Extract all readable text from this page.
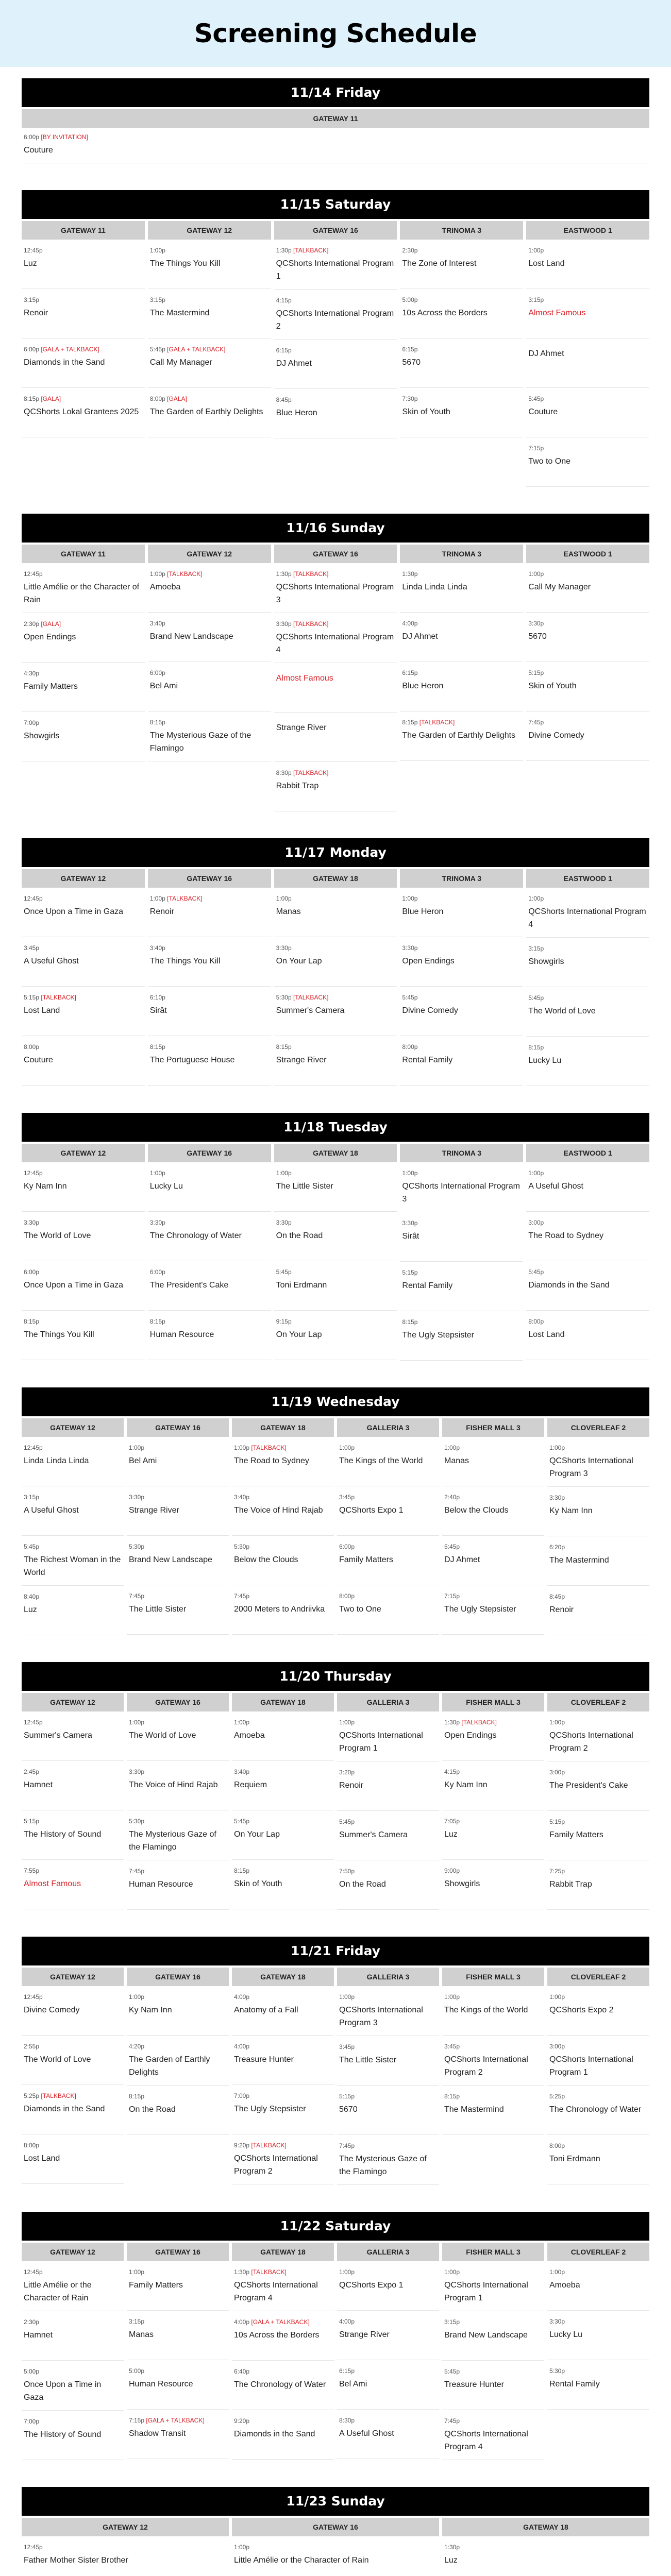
Screening Schedule
11/14 Friday
GATEWAY 11
6:00p [BY INVITATION]
Couture
11/15 Saturday
GATEWAY 11
12:45p
Luz
3:15p
Renoir
6:00p [GALA + TALKBACK]
Diamonds in the Sand
8:15p [GALA]
QCShorts Lokal Grantees 2025
GATEWAY 12
1:00p
The Things You Kill
3:15p
The Mastermind
5:45p [GALA + TALKBACK]
Call My Manager
8:00p [GALA]
The Garden of Earthly Delights
GATEWAY 16
1:30p [TALKBACK]
QCShorts International Program 1
4:15p
QCShorts International Program 2
6:15p
DJ Ahmet
8:45p
Blue Heron
TRINOMA 3
2:30p
The Zone of Interest
5:00p
10s Across the Borders
6:15p
5670
7:30p
Skin of Youth
EASTWOOD 1
1:00p
Lost Land
3:15p
Almost Famous
DJ Ahmet
5:45p
Couture
7:15p
Two to One
11/16 Sunday
GATEWAY 11
12:45p
Little Amélie or the Character of Rain
2:30p [GALA]
Open Endings
4:30p
Family Matters
7:00p
Showgirls
GATEWAY 12
1:00p [TALKBACK]
Amoeba
3:40p
Brand New Landscape
6:00p
Bel Ami
8:15p
The Mysterious Gaze of the Flamingo
GATEWAY 16
1:30p [TALKBACK]
QCShorts International Program 3
3:30p [TALKBACK]
QCShorts International Program 4
Almost Famous
Strange River
8:30p [TALKBACK]
Rabbit Trap
TRINOMA 3
1:30p
Linda Linda Linda
4:00p
DJ Ahmet
6:15p
Blue Heron
8:15p [TALKBACK]
The Garden of Earthly Delights
EASTWOOD 1
1:00p
Call My Manager
3:30p
5670
5:15p
Skin of Youth
7:45p
Divine Comedy
11/17 Monday
GATEWAY 12
12:45p
Once Upon a Time in Gaza
3:45p
A Useful Ghost
5:15p [TALKBACK]
Lost Land
8:00p
Couture
GATEWAY 16
1:00p [TALKBACK]
Renoir
3:40p
The Things You Kill
6:10p
Sirât
8:15p
The Portuguese House
GATEWAY 18
1:00p
Manas
3:30p
On Your Lap
5:30p [TALKBACK]
Summer's Camera
8:15p
Strange River
TRINOMA 3
1:00p
Blue Heron
3:30p
Open Endings
5:45p
Divine Comedy
8:00p
Rental Family
EASTWOOD 1
1:00p
QCShorts International Program 4
3:15p
Showgirls
5:45p
The World of Love
8:15p
Lucky Lu
11/18 Tuesday
GATEWAY 12
12:45p
Ky Nam Inn
3:30p
The World of Love
6:00p
Once Upon a Time in Gaza
8:15p
The Things You Kill
GATEWAY 16
1:00p
Lucky Lu
3:30p
The Chronology of Water
6:00p
The President's Cake
8:15p
Human Resource
GATEWAY 18
1:00p
The Little Sister
3:30p
On the Road
5:45p
Toni Erdmann
9:15p
On Your Lap
TRINOMA 3
1:00p
QCShorts International Program 3
3:30p
Sirât
5:15p
Rental Family
8:15p
The Ugly Stepsister
EASTWOOD 1
1:00p
A Useful Ghost
3:00p
The Road to Sydney
5:45p
Diamonds in the Sand
8:00p
Lost Land
11/19 Wednesday
GATEWAY 12
12:45p
Linda Linda Linda
3:15p
A Useful Ghost
5:45p
The Richest Woman in the World
8:40p
Luz
GATEWAY 16
1:00p
Bel Ami
3:30p
Strange River
5:30p
Brand New Landscape
7:45p
The Little Sister
GATEWAY 18
1:00p [TALKBACK]
The Road to Sydney
3:40p
The Voice of Hind Rajab
5:30p
Below the Clouds
7:45p
2000 Meters to Andriivka
GALLERIA 3
1:00p
The Kings of the World
3:45p
QCShorts Expo 1
6:00p
Family Matters
8:00p
Two to One
FISHER MALL 3
1:00p
Manas
2:40p
Below the Clouds
5:45p
DJ Ahmet
7:15p
The Ugly Stepsister
CLOVERLEAF 2
1:00p
QCShorts International Program 3
3:30p
Ky Nam Inn
6:20p
The Mastermind
8:45p
Renoir
11/20 Thursday
GATEWAY 12
12:45p
Summer's Camera
2:45p
Hamnet
5:15p
The History of Sound
7:55p
Almost Famous
GATEWAY 16
1:00p
The World of Love
3:30p
The Voice of Hind Rajab
5:30p
The Mysterious Gaze of the Flamingo
7:45p
Human Resource
GATEWAY 18
1:00p
Amoeba
3:40p
Requiem
5:45p
On Your Lap
8:15p
Skin of Youth
GALLERIA 3
1:00p
QCShorts International Program 1
3:20p
Renoir
5:45p
Summer's Camera
7:50p
On the Road
FISHER MALL 3
1:30p [TALKBACK]
Open Endings
4:15p
Ky Nam Inn
7:05p
Luz
9:00p
Showgirls
CLOVERLEAF 2
1:00p
QCShorts International Program 2
3:00p
The President's Cake
5:15p
Family Matters
7:25p
Rabbit Trap
11/21 Friday
GATEWAY 12
12:45p
Divine Comedy
2:55p
The World of Love
5:25p [TALKBACK]
Diamonds in the Sand
8:00p
Lost Land
GATEWAY 16
1:00p
Ky Nam Inn
4:20p
The Garden of Earthly Delights
8:15p
On the Road
GATEWAY 18
4:00p
Anatomy of a Fall
4:00p
Treasure Hunter
7:00p
The Ugly Stepsister
9:20p [TALKBACK]
QCShorts International Program 2
GALLERIA 3
1:00p
QCShorts International Program 3
3:45p
The Little Sister
5:15p
5670
7:45p
The Mysterious Gaze of the Flamingo
FISHER MALL 3
1:00p
The Kings of the World
3:45p
QCShorts International Program 2
8:15p
The Mastermind
CLOVERLEAF 2
1:00p
QCShorts Expo 2
3:00p
QCShorts International Program 1
5:25p
The Chronology of Water
8:00p
Toni Erdmann
11/22 Saturday
GATEWAY 12
12:45p
Little Amélie or the Character of Rain
2:30p
Hamnet
5:00p
Once Upon a Time in Gaza
7:00p
The History of Sound
GATEWAY 16
1:00p
Family Matters
3:15p
Manas
5:00p
Human Resource
7:15p [GALA + TALKBACK]
Shadow Transit
GATEWAY 18
1:30p [TALKBACK]
QCShorts International Program 4
4:00p [GALA + TALKBACK]
10s Across the Borders
6:40p
The Chronology of Water
9:20p
Diamonds in the Sand
GALLERIA 3
1:00p
QCShorts Expo 1
4:00p
Strange River
6:15p
Bel Ami
8:30p
A Useful Ghost
FISHER MALL 3
1:00p
QCShorts International Program 1
3:15p
Brand New Landscape
5:45p
Treasure Hunter
7:45p
QCShorts International Program 4
CLOVERLEAF 2
1:00p
Amoeba
3:30p
Lucky Lu
5:30p
Rental Family
11/23 Sunday
GATEWAY 12
12:45p
Father Mother Sister Brother
GATEWAY 16
1:00p
Little Amélie or the Character of Rain
GATEWAY 18
1:30p
Luz
